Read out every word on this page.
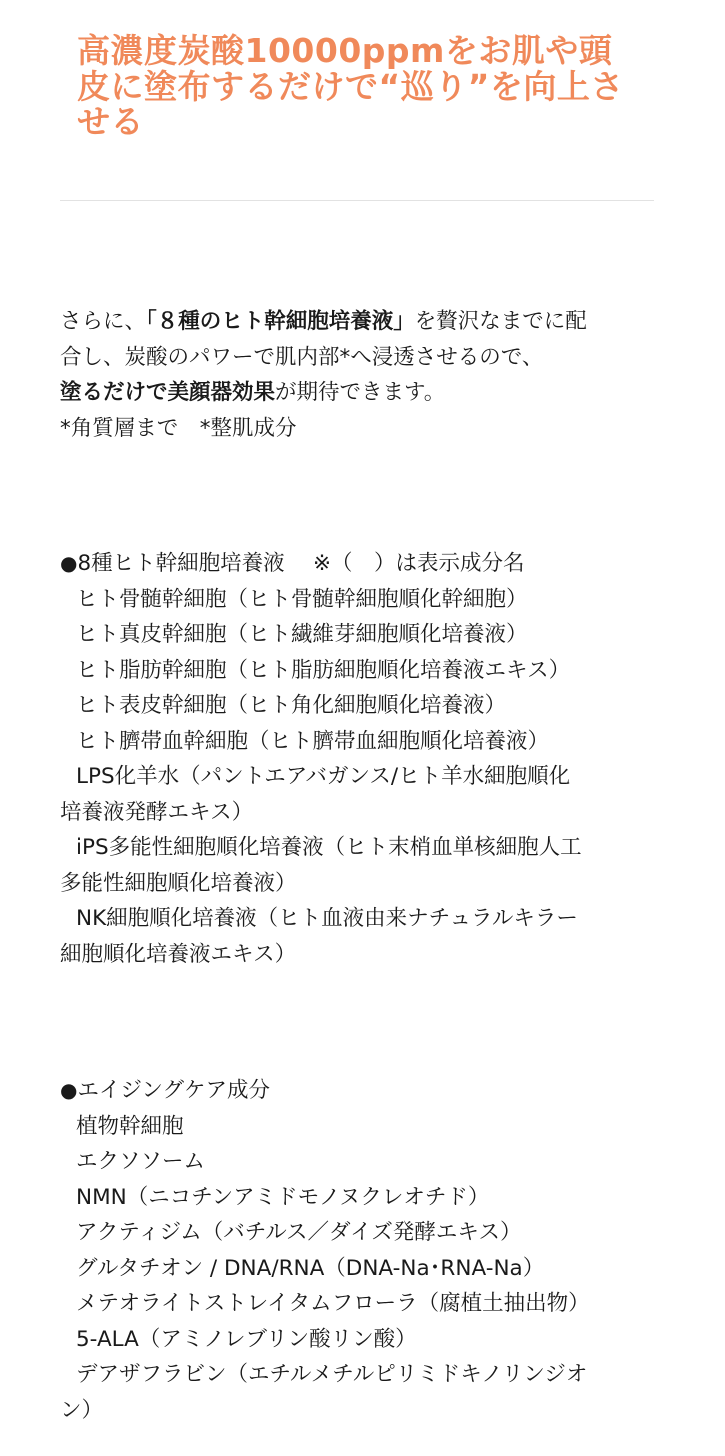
高濃度炭酸10000ppmをお肌や頭
皮に塗布するだけで“巡り”を向上さ
せる
さらに、「８種のヒト幹細胞培養液」を贅沢なまでに配
合し、炭酸のパワーで肌内部*へ浸透させるので、
塗るだけで美顔器効果が期待できます。
*角質層まで　*整肌成分
●8種ヒト幹細胞培養液　 ※（　）は表示成分名
ヒト骨髄幹細胞（ヒト骨髄幹細胞順化幹細胞）
ヒト真皮幹細胞（ヒト繊維芽細胞順化培養液）
ヒト脂肪幹細胞（ヒト脂肪細胞順化培養液エキス）
ヒト表皮幹細胞（ヒト角化細胞順化培養液）
ヒト臍帯血幹細胞（ヒト臍帯血細胞順化培養液）
LPS化羊水（パントエアバガンス/ヒト羊水細胞順化
培養液発酵エキス）
iPS多能性細胞順化培養液（ヒト末梢血単核細胞人工
多能性細胞順化培養液）
NK細胞順化培養液（ヒト血液由来ナチュラルキラー
細胞順化培養液エキス）
●エイジングケア成分
植物幹細胞
エクソソーム
NMN（ニコチンアミドモノヌクレオチド）
アクティジム（バチルス／ダイズ発酵エキス）
グルタチオン / DNA/RNA（DNA-Na･RNA-Na）
メテオライトストレイタムフローラ（腐植土抽出物）
5-ALA（アミノレブリン酸リン酸）
デアザフラビン（エチルメチルピリミドキノリンジオ
ン）
